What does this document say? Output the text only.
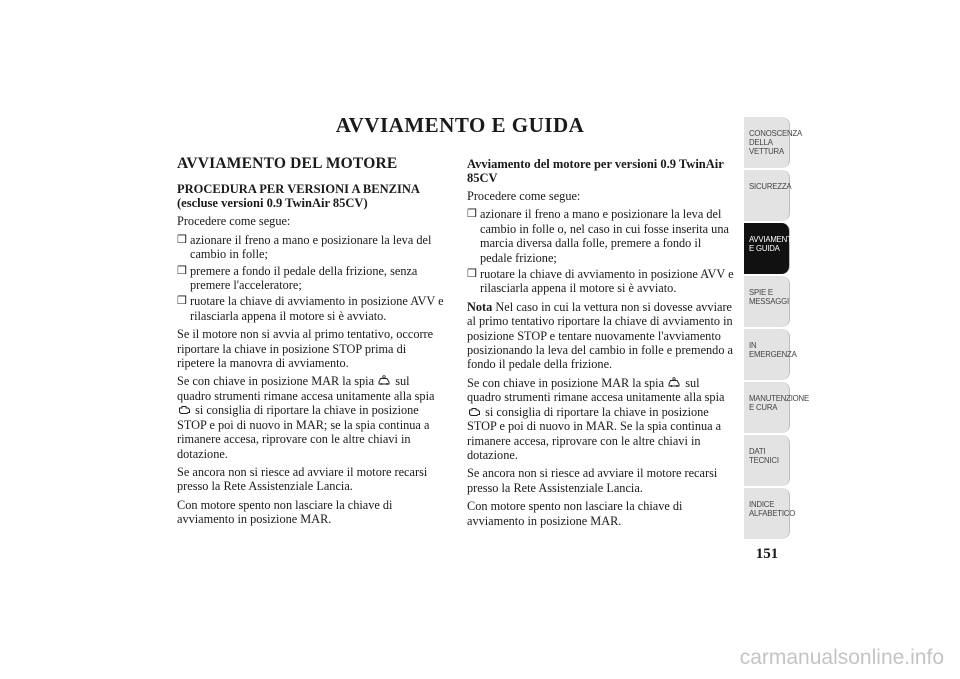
AVVIAMENTO E GUIDA
AVVIAMENTO DEL MOTORE
PROCEDURA PER VERSIONI A BENZINA (escluse versioni 0.9 TwinAir 85CV)

Procedere come segue:

❒ azionare il freno a mano e posizionare la leva del cambio in folle;
❒ premere a fondo il pedale della frizione, senza premere l'acceleratore;
❒ ruotare la chiave di avviamento in posizione AVV e rilasciarla appena il motore si è avviato.

Se il motore non si avvia al primo tentativo, occorre riportare la chiave in posizione STOP prima di ripetere la manovra di avviamento.

Se con chiave in posizione MAR la spia sul quadro strumenti rimane accesa unitamente alla spia  si consiglia di riportare la chiave in posizione STOP e poi di nuovo in MAR; se la spia continua a rimanere accesa, riprovare con le altre chiavi in dotazione.

Se ancora non si riesce ad avviare il motore recarsi presso la Rete Assistenziale Lancia.

Con motore spento non lasciare la chiave di avviamento in posizione MAR.

Avviamento del motore per versioni 0.9 TwinAir 85CV

Procedere come segue:

❒ azionare il freno a mano e posizionare la leva del cambio in folle o, nel caso in cui fosse inserita una marcia diversa dalla folle, premere a fondo il pedale frizione;
❒ ruotare la chiave di avviamento in posizione AVV e rilasciarla appena il motore si è avviato.

Nota Nel caso in cui la vettura non si dovesse avviare al primo tentativo riportare la chiave di avviamento in posizione STOP e tentare nuovamente l'avviamento posizionando la leva del cambio in folle e premendo a fondo il pedale della frizione.

Se con chiave in posizione MAR la spia sul quadro strumenti rimane accesa unitamente alla spia  si consiglia di riportare la chiave in posizione STOP e poi di nuovo in MAR. Se la spia continua a rimanere accesa, riprovare con le altre chiavi in dotazione.

Se ancora non si riesce ad avviare il motore recarsi presso la Rete Assistenziale Lancia.

Con motore spento non lasciare la chiave di avviamento in posizione MAR.

CONOSCENZA DELLA VETTURA
SICUREZZA
AVVIAMENTO E GUIDA
SPIE E MESSAGGI
IN EMERGENZA
MANUTENZIONE E CURA
DATI TECNICI
INDICE ALFABETICO
151
carmanualsonline.info
